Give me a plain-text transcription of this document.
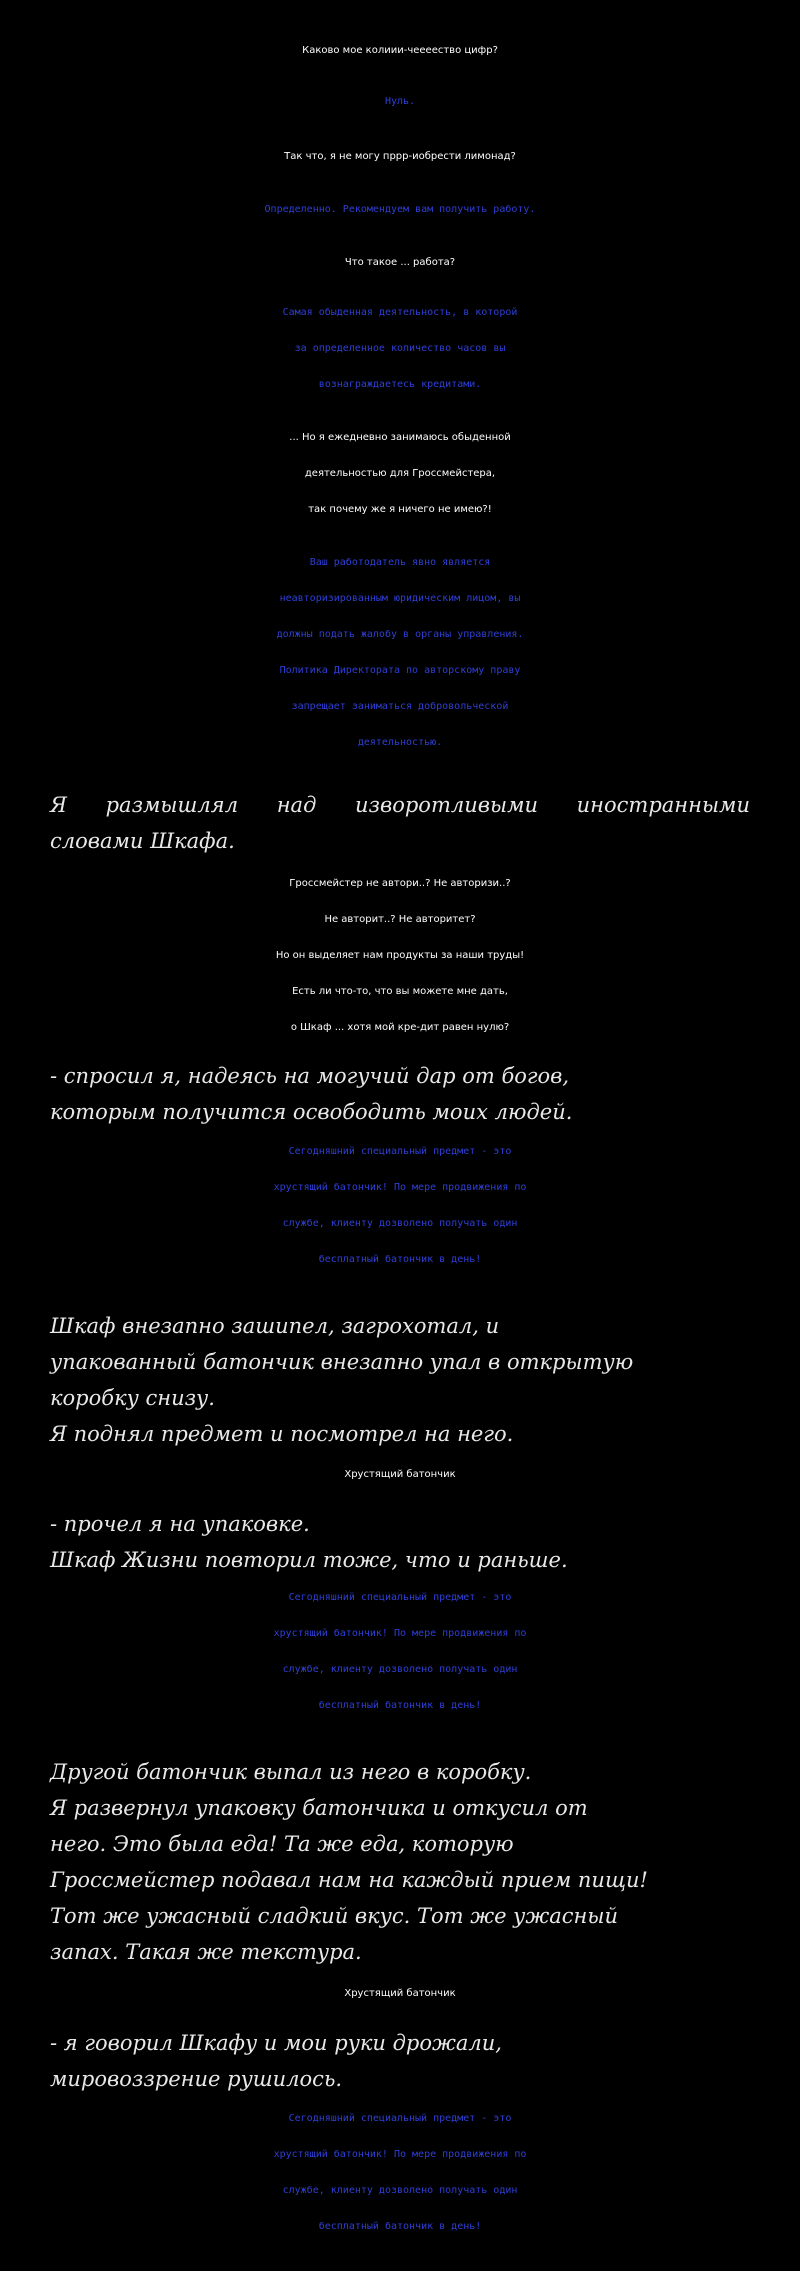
Каково мое колиии-чеееество цифр?
Нуль.
Так что, я не могу пррр-иобрести лимонад?
Определенно. Рекомендуем вам получить работу.
Что такое ... работа?
Самая обыденная деятельность, в которой
за определенное количество часов вы
вознаграждаетесь кредитами.
... Но я ежедневно занимаюсь обыденной
деятельностью для Гроссмейстера,
так почему же я ничего не имею?!
Ваш работодатель явно является
неавторизированным юридическим лицом, вы
должны подать жалобу в органы управления.
Политика Директората по авторскому праву
запрещает заниматься добровольческой
деятельностью.
Я размышлял над изворотливыми иностранными
словами Шкафа.
Гроссмейстер не автори..? Не авторизи..?
Не авторит..? Не авторитет?
Но он выделяет нам продукты за наши труды!
Есть ли что-то, что вы можете мне дать,
о Шкаф ... хотя мой кре-дит равен нулю?
- спросил я, надеясь на могучий дар от богов,
которым получится освободить моих людей.
Сегодняшний специальный предмет - это
хрустящий батончик! По мере продвижения по
службе, клиенту дозволено получать один
бесплатный батончик в день!
Шкаф внезапно зашипел, загрохотал, и
упакованный батончик внезапно упал в открытую
коробку снизу.
Я поднял предмет и посмотрел на него.
Хрустящий батончик
- прочел я на упаковке.
Шкаф Жизни повторил тоже, что и раньше.
Сегодняшний специальный предмет - это
хрустящий батончик! По мере продвижения по
службе, клиенту дозволено получать один
бесплатный батончик в день!
Другой батончик выпал из него в коробку.
Я развернул упаковку батончика и откусил от
него. Это была еда! Та же еда, которую
Гроссмейстер подавал нам на каждый прием пищи!
Тот же ужасный сладкий вкус. Тот же ужасный
запах. Такая же текстура.
Хрустящий батончик
- я говорил Шкафу и мои руки дрожали,
мировоззрение рушилось.
Сегодняшний специальный предмет - это
хрустящий батончик! По мере продвижения по
службе, клиенту дозволено получать один
бесплатный батончик в день!
